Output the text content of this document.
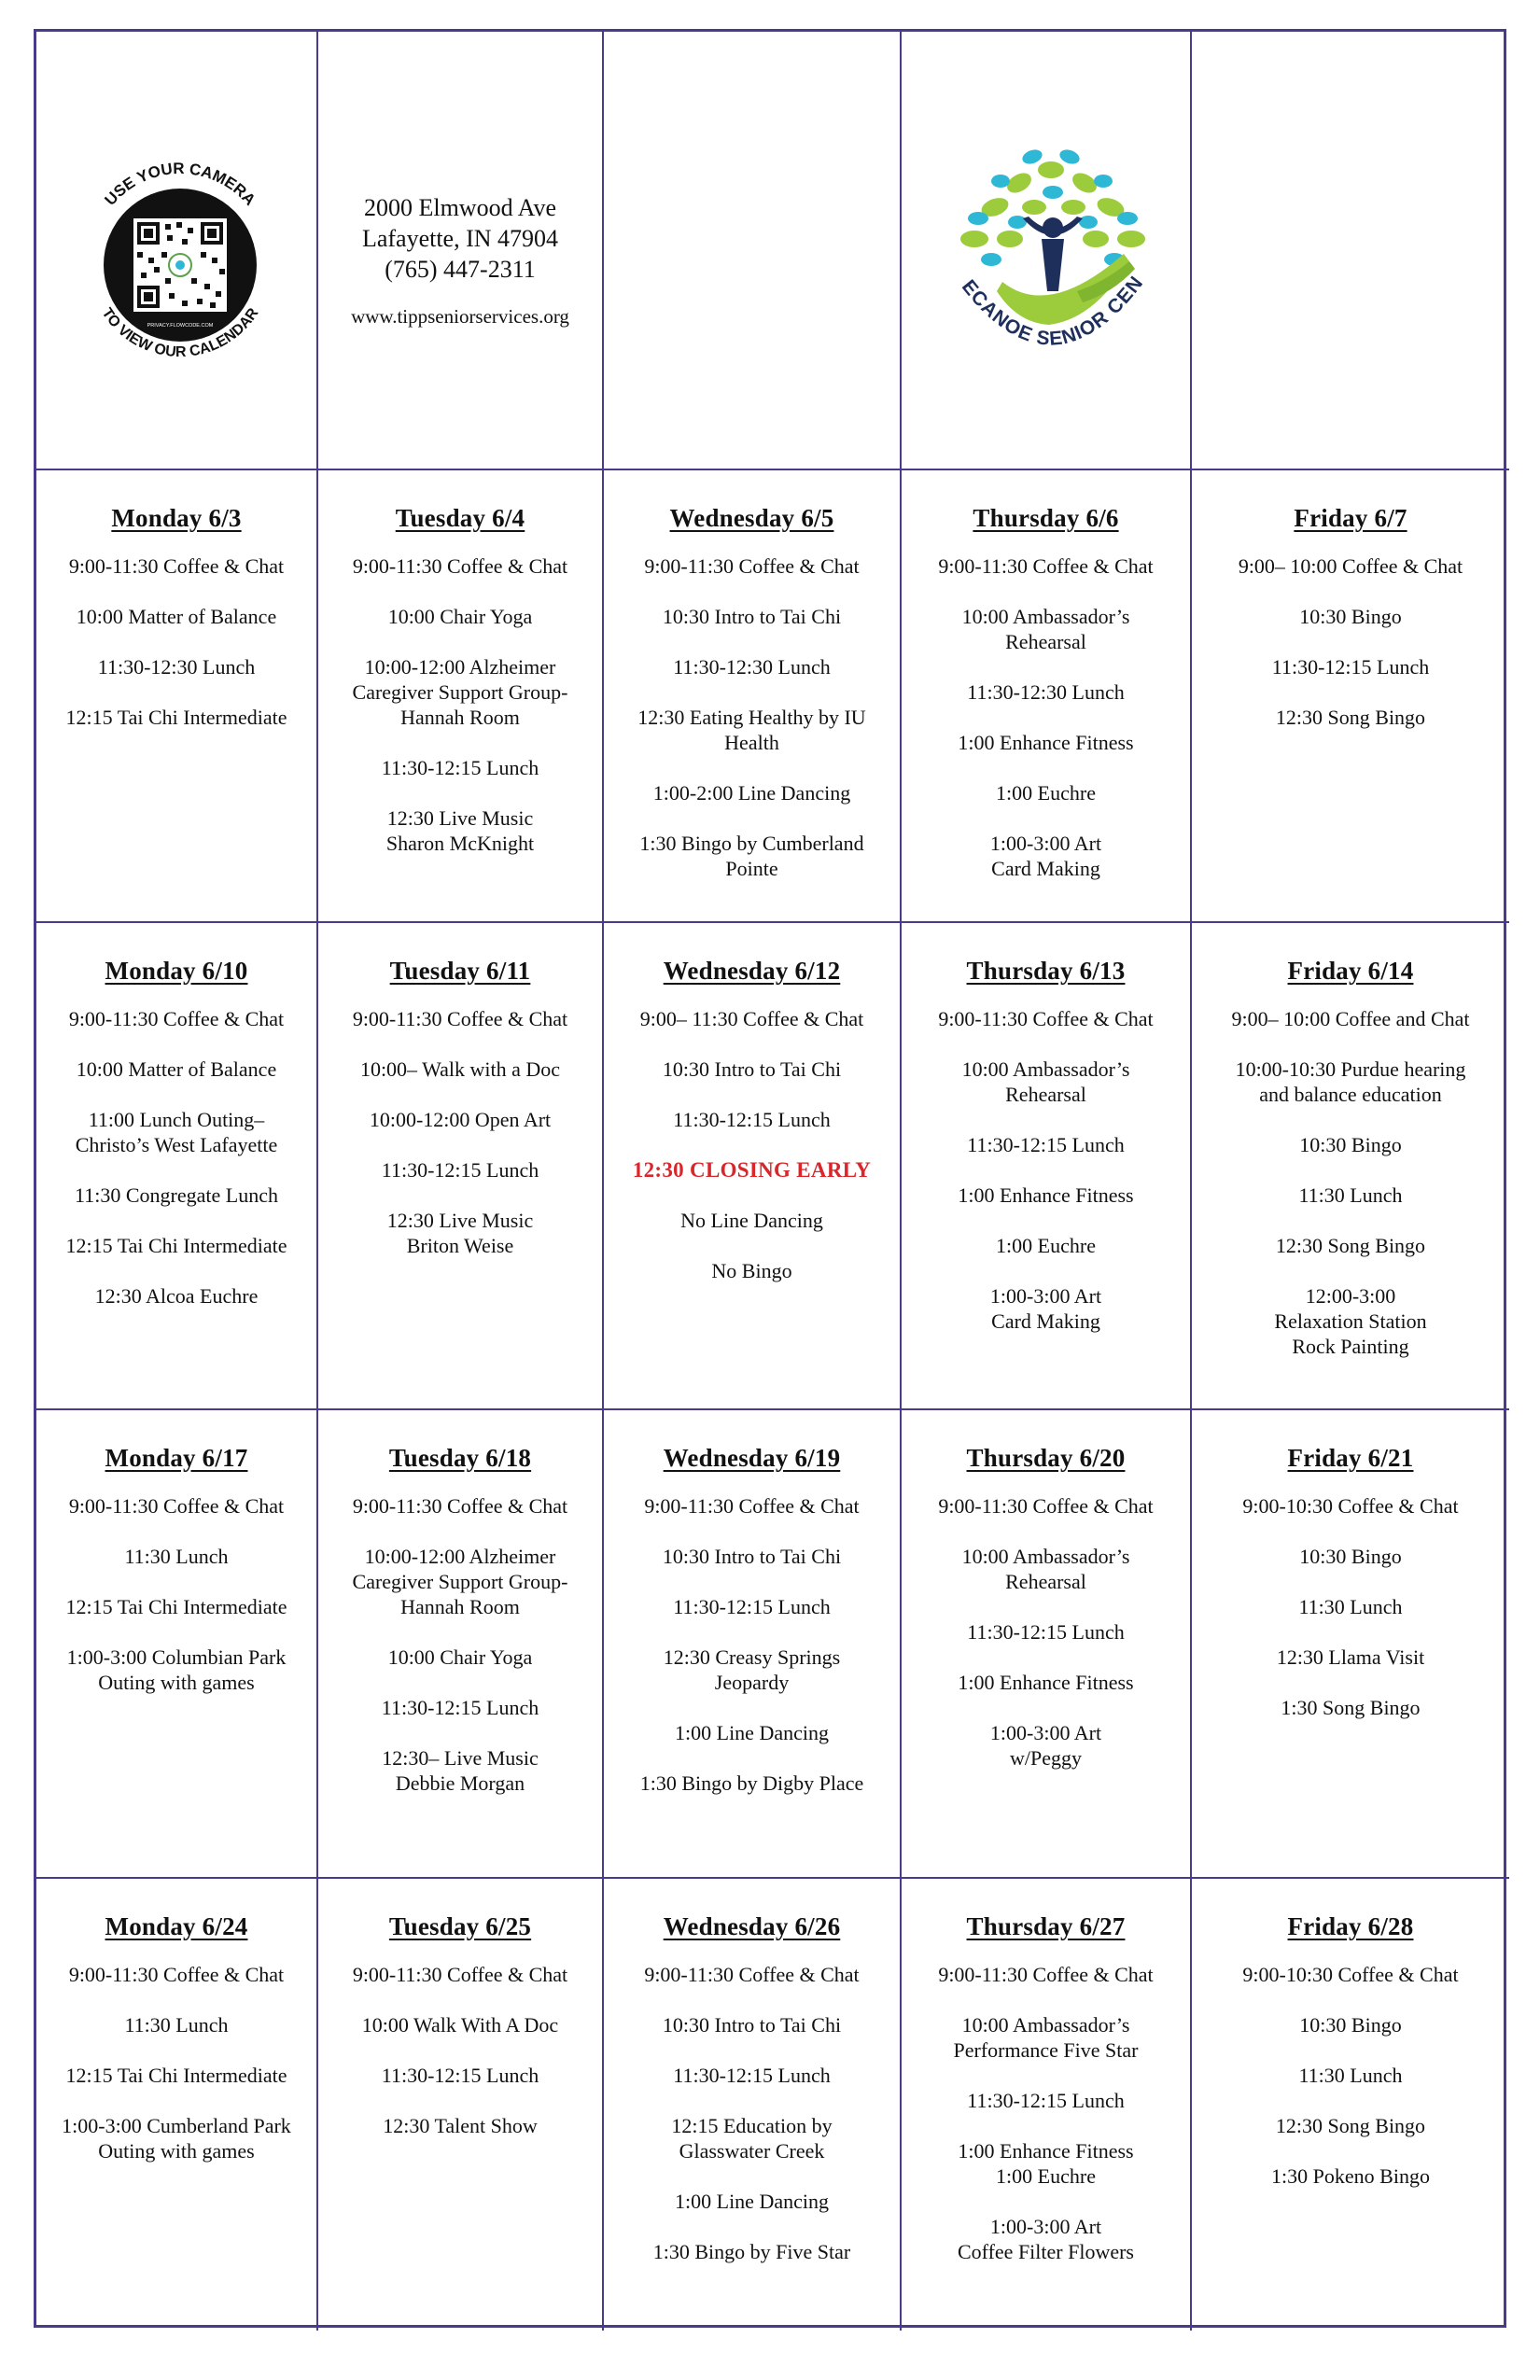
USE YOUR CAMERA
TO VIEW OUR CALENDAR
PRIVACY.FLOWCODE.COM
2000 Elmwood Ave
Lafayette, IN 47904
(765) 447-2311
www.tippseniorservices.org
ECANOE SENIOR CEN
Monday 6/3
9:00-11:30 Coffee & Chat
10:00 Matter of Balance
11:30-12:30 Lunch
12:15 Tai Chi Intermediate
Tuesday 6/4
9:00-11:30 Coffee & Chat
10:00 Chair Yoga
10:00-12:00 Alzheimer
Caregiver Support Group-
Hannah Room
11:30-12:15 Lunch
12:30 Live Music
Sharon McKnight
Wednesday 6/5
9:00-11:30 Coffee & Chat
10:30 Intro to Tai Chi
11:30-12:30 Lunch
12:30 Eating Healthy by IU
Health
1:00-2:00 Line Dancing
1:30 Bingo by Cumberland
Pointe
Thursday 6/6
9:00-11:30 Coffee & Chat
10:00 Ambassador’s
Rehearsal
11:30-12:30 Lunch
1:00 Enhance Fitness
1:00 Euchre
1:00-3:00 Art
Card Making
Friday 6/7
9:00– 10:00 Coffee & Chat
10:30 Bingo
11:30-12:15 Lunch
12:30 Song Bingo
Monday 6/10
9:00-11:30 Coffee & Chat
10:00 Matter of Balance
11:00 Lunch Outing–
Christo’s West Lafayette
11:30 Congregate Lunch
12:15 Tai Chi Intermediate
12:30 Alcoa Euchre
Tuesday 6/11
9:00-11:30 Coffee & Chat
10:00– Walk with a Doc
10:00-12:00 Open Art
11:30-12:15 Lunch
12:30 Live Music
Briton Weise
Wednesday 6/12
9:00– 11:30 Coffee & Chat
10:30 Intro to Tai Chi
11:30-12:15 Lunch
12:30 CLOSING EARLY
No Line Dancing
No Bingo
Thursday 6/13
9:00-11:30 Coffee & Chat
10:00 Ambassador’s
Rehearsal
11:30-12:15 Lunch
1:00 Enhance Fitness
1:00 Euchre
1:00-3:00 Art
Card Making
Friday 6/14
9:00– 10:00 Coffee and Chat
10:00-10:30 Purdue hearing
and balance education
10:30 Bingo
11:30 Lunch
12:30 Song Bingo
12:00-3:00
Relaxation Station
Rock Painting
Monday 6/17
9:00-11:30 Coffee & Chat
11:30 Lunch
12:15 Tai Chi Intermediate
1:00-3:00 Columbian Park
Outing with games
Tuesday 6/18
9:00-11:30 Coffee & Chat
10:00-12:00 Alzheimer
Caregiver Support Group-
Hannah Room
10:00 Chair Yoga
11:30-12:15 Lunch
12:30– Live Music
Debbie Morgan
Wednesday 6/19
9:00-11:30 Coffee & Chat
10:30 Intro to Tai Chi
11:30-12:15 Lunch
12:30 Creasy Springs
Jeopardy
1:00 Line Dancing
1:30 Bingo by Digby Place
Thursday 6/20
9:00-11:30 Coffee & Chat
10:00 Ambassador’s
Rehearsal
11:30-12:15 Lunch
1:00 Enhance Fitness
1:00-3:00 Art
w/Peggy
Friday 6/21
9:00-10:30 Coffee & Chat
10:30 Bingo
11:30 Lunch
12:30 Llama Visit
1:30 Song Bingo
Monday 6/24
9:00-11:30 Coffee & Chat
11:30 Lunch
12:15 Tai Chi Intermediate
1:00-3:00 Cumberland Park
Outing with games
Tuesday 6/25
9:00-11:30 Coffee & Chat
10:00 Walk With A Doc
11:30-12:15 Lunch
12:30 Talent Show
Wednesday 6/26
9:00-11:30 Coffee & Chat
10:30 Intro to Tai Chi
11:30-12:15 Lunch
12:15 Education by
Glasswater Creek
1:00 Line Dancing
1:30 Bingo by Five Star
Thursday 6/27
9:00-11:30 Coffee & Chat
10:00 Ambassador’s
Performance Five Star
11:30-12:15 Lunch
1:00 Enhance Fitness
1:00 Euchre
1:00-3:00 Art
Coffee Filter Flowers
Friday 6/28
9:00-10:30 Coffee & Chat
10:30 Bingo
11:30 Lunch
12:30 Song Bingo
1:30 Pokeno Bingo
